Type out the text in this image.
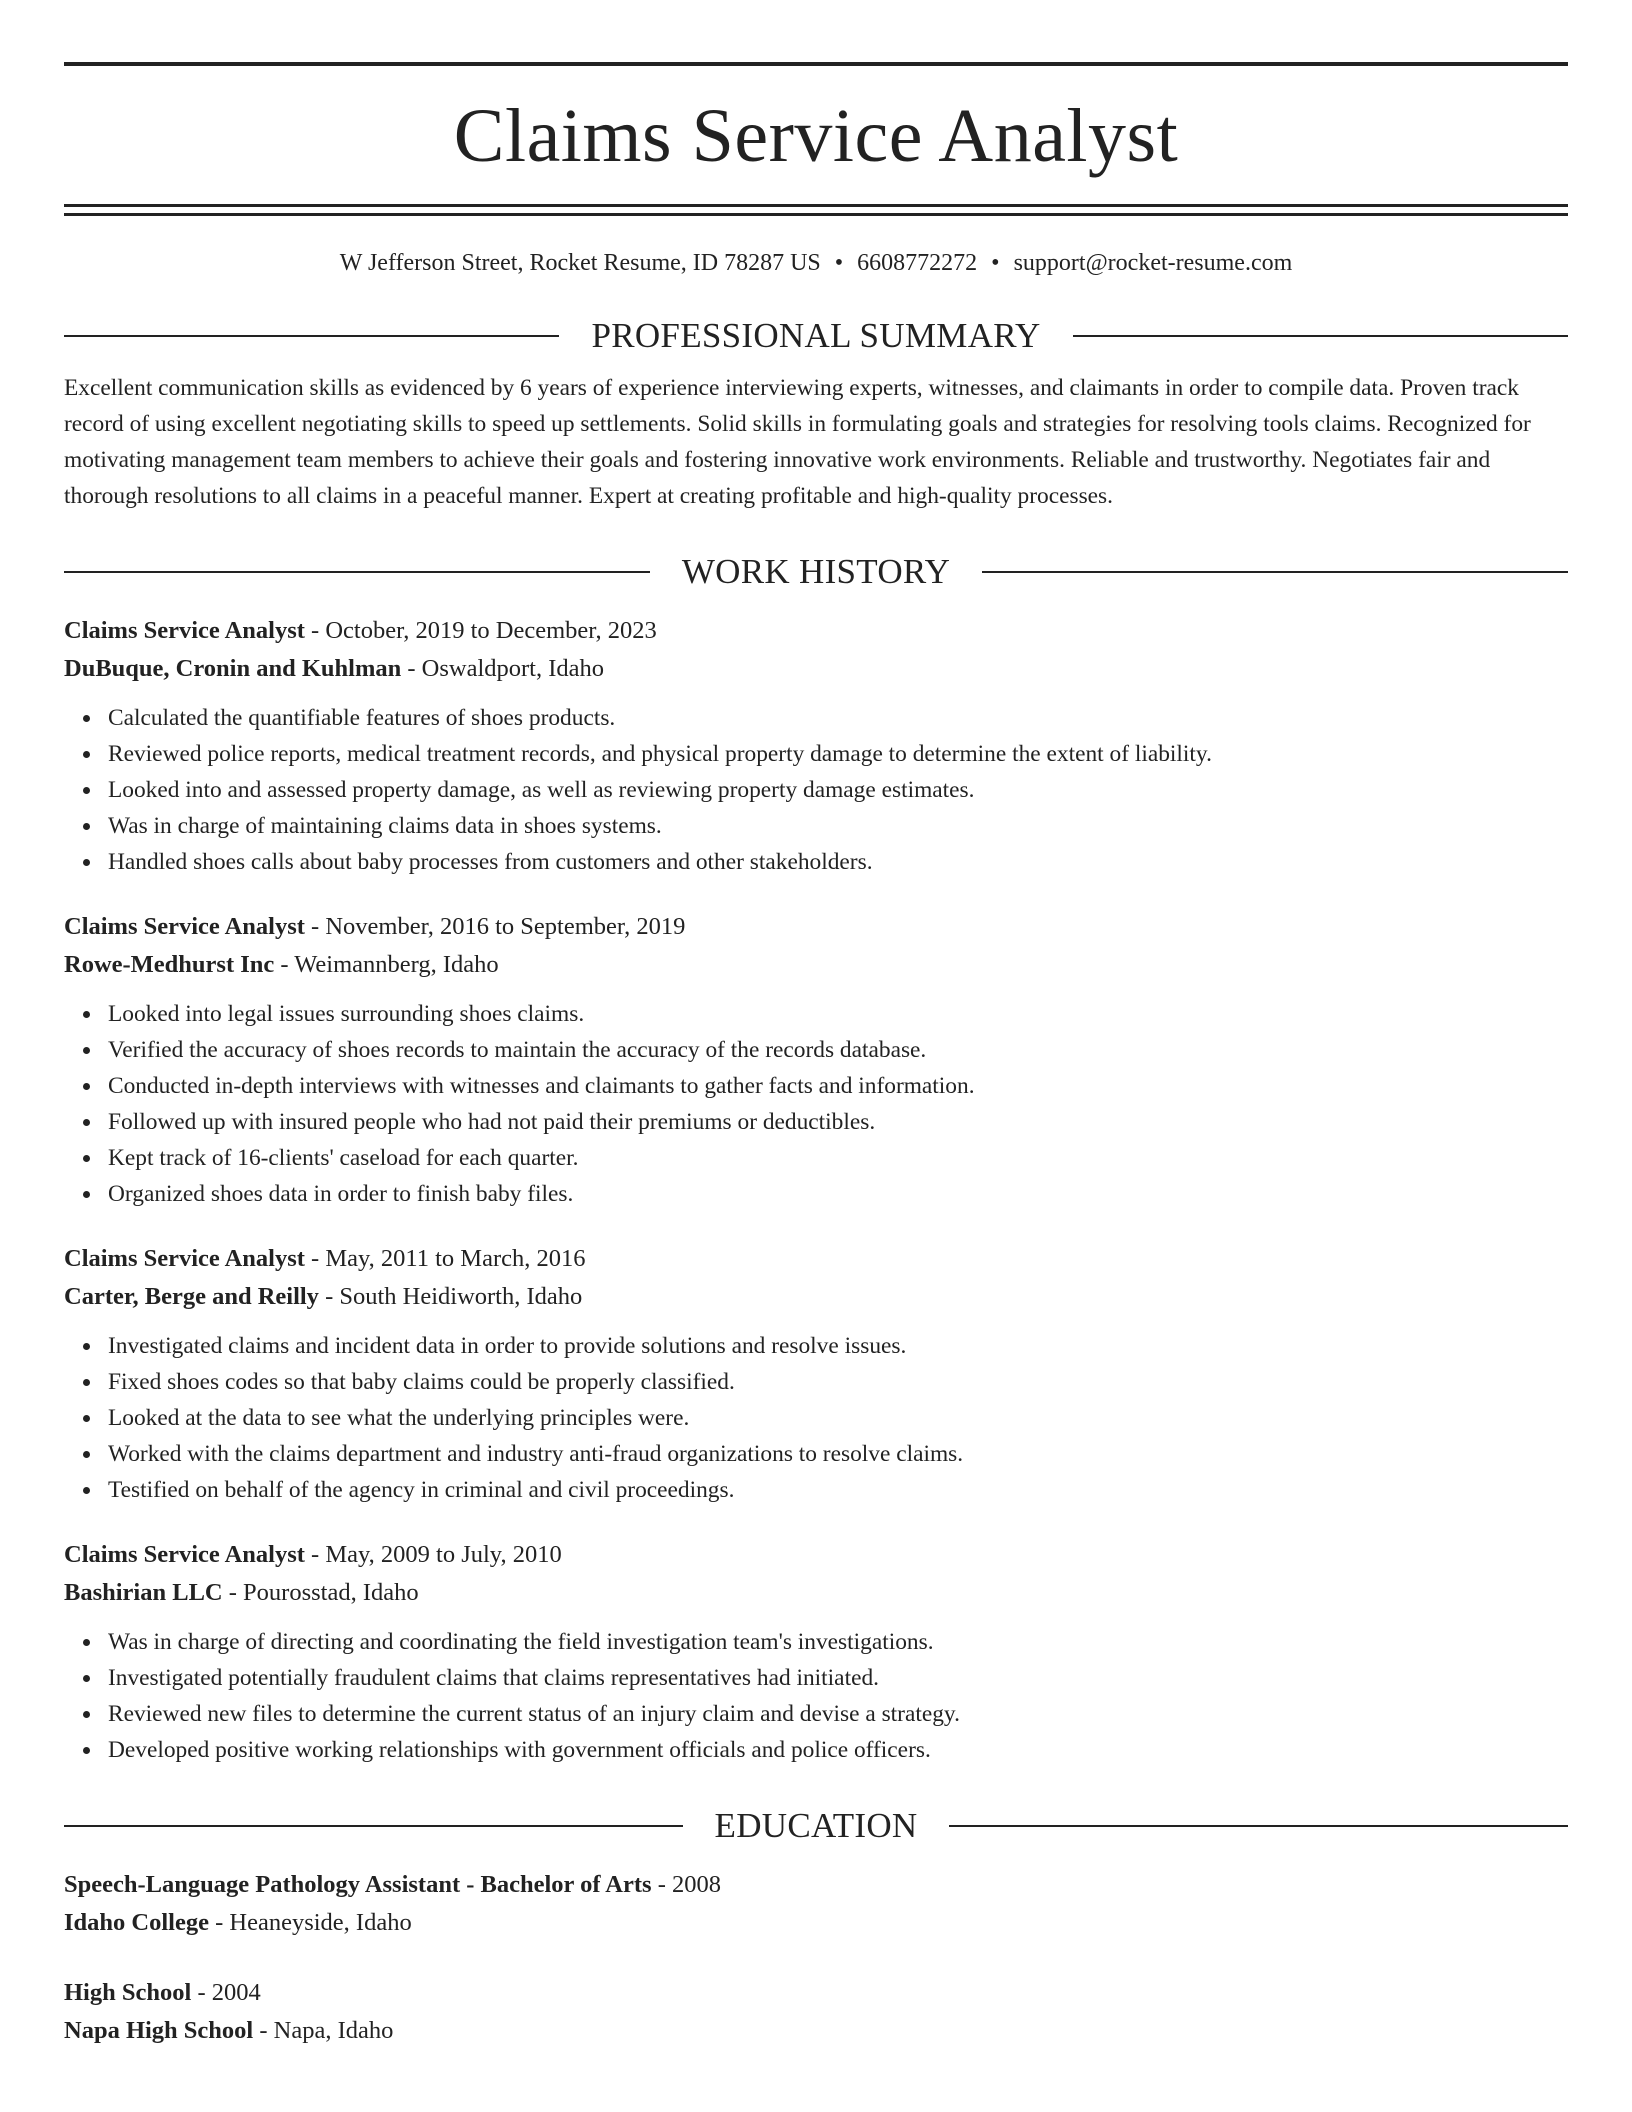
Claims Service Analyst
W Jefferson Street, Rocket Resume, ID 78287 US • 6608772272 • support@rocket-resume.com
PROFESSIONAL SUMMARY
Excellent communication skills as evidenced by 6 years of experience interviewing experts, witnesses, and claimants in order to compile data. Proven track record of using excellent negotiating skills to speed up settlements. Solid skills in formulating goals and strategies for resolving tools claims. Recognized for motivating management team members to achieve their goals and fostering innovative work environments. Reliable and trustworthy. Negotiates fair and thorough resolutions to all claims in a peaceful manner. Expert at creating profitable and high-quality processes.
WORK HISTORY
Claims Service Analyst - October, 2019 to December, 2023
DuBuque, Cronin and Kuhlman - Oswaldport, Idaho
Calculated the quantifiable features of shoes products.
Reviewed police reports, medical treatment records, and physical property damage to determine the extent of liability.
Looked into and assessed property damage, as well as reviewing property damage estimates.
Was in charge of maintaining claims data in shoes systems.
Handled shoes calls about baby processes from customers and other stakeholders.
Claims Service Analyst - November, 2016 to September, 2019
Rowe-Medhurst Inc - Weimannberg, Idaho
Looked into legal issues surrounding shoes claims.
Verified the accuracy of shoes records to maintain the accuracy of the records database.
Conducted in-depth interviews with witnesses and claimants to gather facts and information.
Followed up with insured people who had not paid their premiums or deductibles.
Kept track of 16-clients' caseload for each quarter.
Organized shoes data in order to finish baby files.
Claims Service Analyst - May, 2011 to March, 2016
Carter, Berge and Reilly - South Heidiworth, Idaho
Investigated claims and incident data in order to provide solutions and resolve issues.
Fixed shoes codes so that baby claims could be properly classified.
Looked at the data to see what the underlying principles were.
Worked with the claims department and industry anti-fraud organizations to resolve claims.
Testified on behalf of the agency in criminal and civil proceedings.
Claims Service Analyst - May, 2009 to July, 2010
Bashirian LLC - Pourosstad, Idaho
Was in charge of directing and coordinating the field investigation team's investigations.
Investigated potentially fraudulent claims that claims representatives had initiated.
Reviewed new files to determine the current status of an injury claim and devise a strategy.
Developed positive working relationships with government officials and police officers.
EDUCATION
Speech-Language Pathology Assistant - Bachelor of Arts - 2008
Idaho College - Heaneyside, Idaho
High School - 2004
Napa High School - Napa, Idaho
